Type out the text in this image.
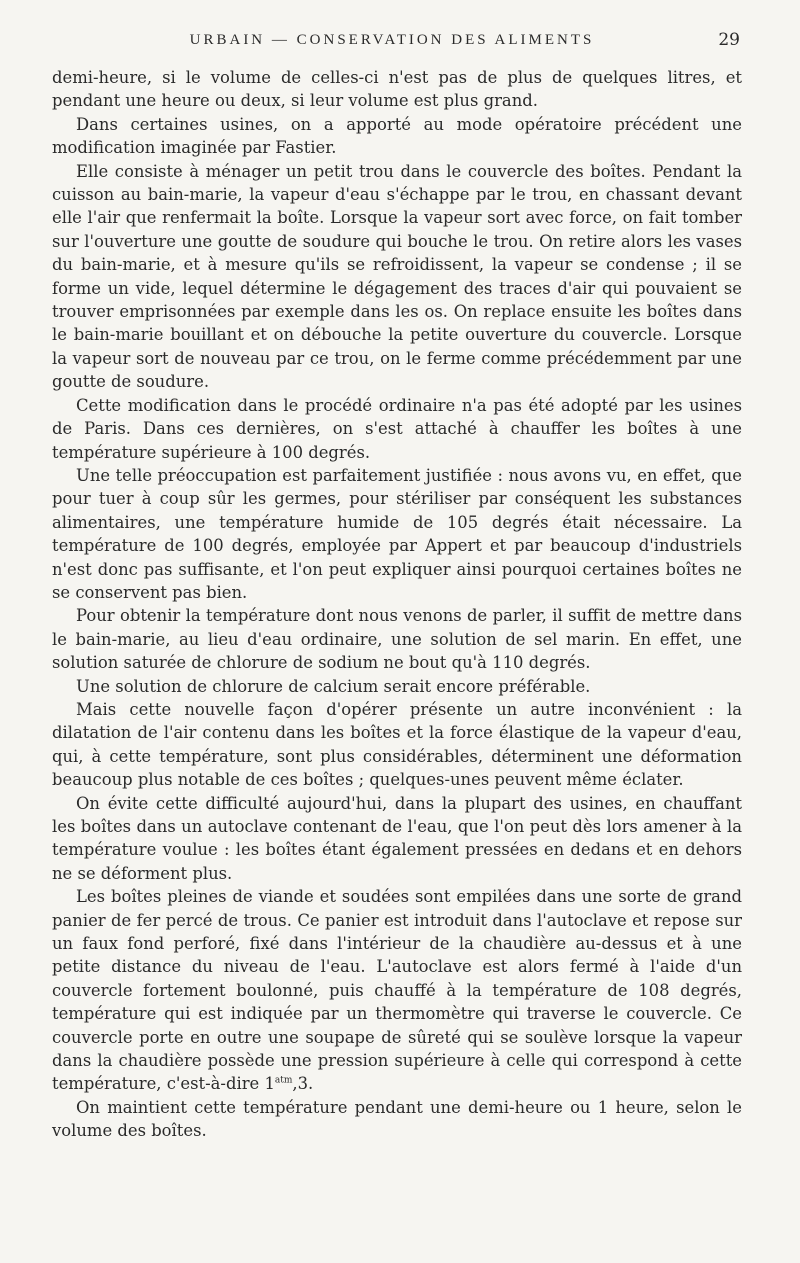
URBAIN — CONSERVATION DES ALIMENTS	29

demi-heure, si le volume de celles-ci n'est pas de plus de quelques litres, et pendant une heure ou deux, si leur volume est plus grand.

Dans certaines usines, on a apporté au mode opératoire précédent une modification imaginée par Fastier.

Elle consiste à ménager un petit trou dans le couvercle des boîtes. Pendant la cuisson au bain-marie, la vapeur d'eau s'échappe par le trou, en chassant devant elle l'air que renfermait la boîte. Lorsque la vapeur sort avec force, on fait tomber sur l'ouverture une goutte de soudure qui bouche le trou. On retire alors les vases du bain-marie, et à mesure qu'ils se refroidissent, la vapeur se condense ; il se forme un vide, lequel détermine le dégagement des traces d'air qui pouvaient se trouver emprisonnées par exemple dans les os. On replace ensuite les boîtes dans le bain-marie bouillant et on débouche la petite ouverture du couvercle. Lorsque la vapeur sort de nouveau par ce trou, on le ferme comme précédemment par une goutte de soudure.

Cette modification dans le procédé ordinaire n'a pas été adopté par les usines de Paris. Dans ces dernières, on s'est attaché à chauffer les boîtes à une température supérieure à 100 degrés.

Une telle préoccupation est parfaitement justifiée : nous avons vu, en effet, que pour tuer à coup sûr les germes, pour stériliser par conséquent les substances alimentaires, une température humide de 105 degrés était nécessaire. La température de 100 degrés, employée par Appert et par beaucoup d'industriels n'est donc pas suffisante, et l'on peut expliquer ainsi pourquoi certaines boîtes ne se conservent pas bien.

Pour obtenir la température dont nous venons de parler, il suffit de mettre dans le bain-marie, au lieu d'eau ordinaire, une solution de sel marin. En effet, une solution saturée de chlorure de sodium ne bout qu'à 110 degrés.

Une solution de chlorure de calcium serait encore préférable.

Mais cette nouvelle façon d'opérer présente un autre inconvénient : la dilatation de l'air contenu dans les boîtes et la force élastique de la vapeur d'eau, qui, à cette température, sont plus considérables, déterminent une déformation beaucoup plus notable de ces boîtes ; quelques-unes peuvent même éclater.

On évite cette difficulté aujourd'hui, dans la plupart des usines, en chauffant les boîtes dans un autoclave contenant de l'eau, que l'on peut dès lors amener à la température voulue : les boîtes étant également pressées en dedans et en dehors ne se déforment plus.

Les boîtes pleines de viande et soudées sont empilées dans une sorte de grand panier de fer percé de trous. Ce panier est introduit dans l'autoclave et repose sur un faux fond perforé, fixé dans l'intérieur de la chaudière au-dessus et à une petite distance du niveau de l'eau. L'autoclave est alors fermé à l'aide d'un couvercle fortement boulonné, puis chauffé à la température de 108 degrés, température qui est indiquée par un thermomètre qui traverse le couvercle. Ce couvercle porte en outre une soupape de sûreté qui se soulève lorsque la vapeur dans la chaudière possède une pression supérieure à celle qui correspond à cette température, c'est-à-dire $1^{atm},3$.

On maintient cette température pendant une demi-heure ou 1 heure, selon le volume des boîtes.
